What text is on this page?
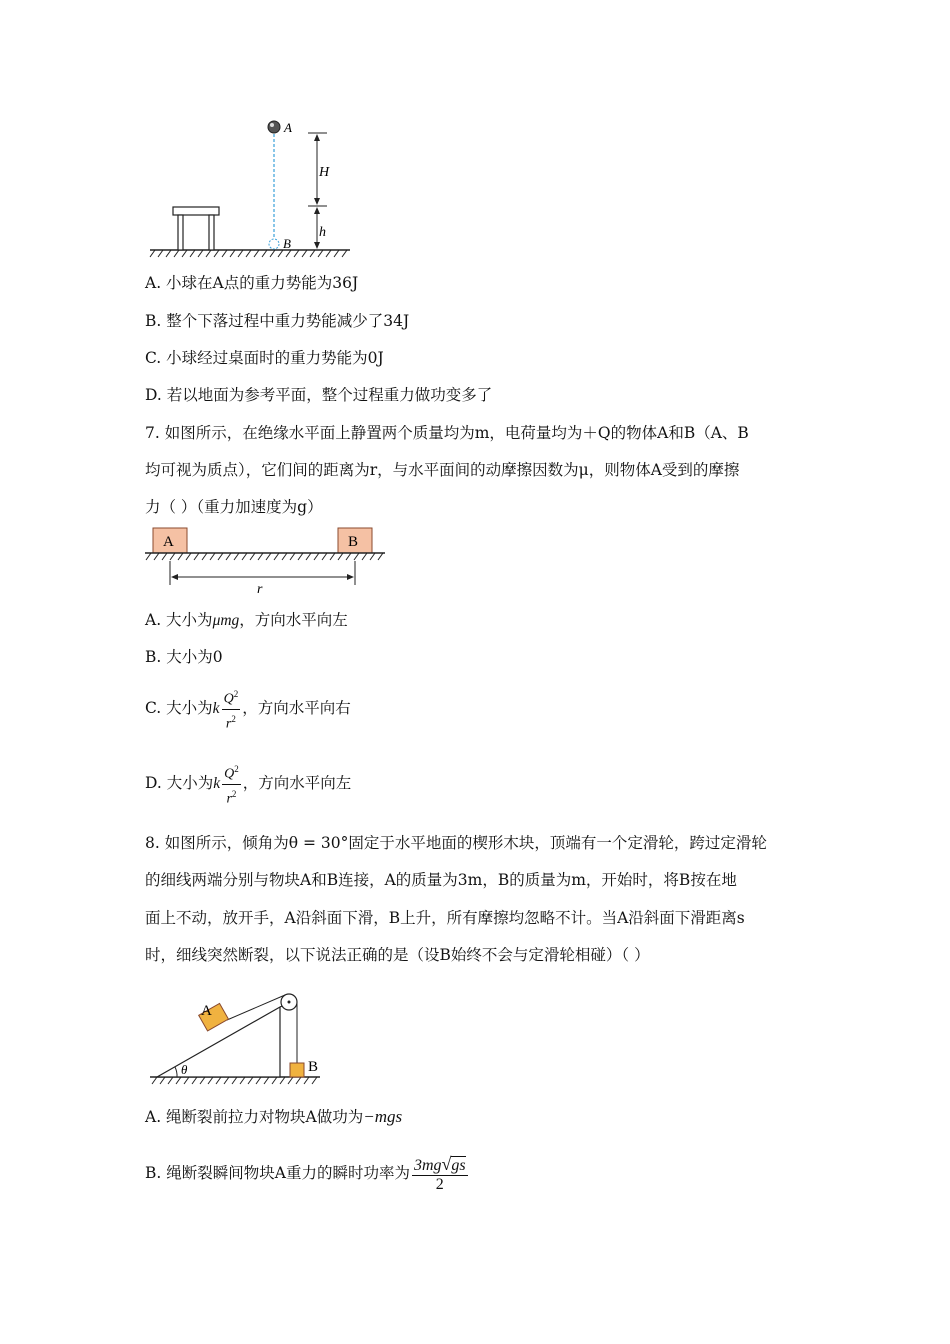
A
B
H
h
A. 小球在A点的重力势能为36J
B. 整个下落过程中重力势能减少了34J
C. 小球经过桌面时的重力势能为0J
D. 若以地面为参考平面，整个过程重力做功变多了
7. 如图所示，在绝缘水平面上静置两个质量均为m，电荷量均为＋Q的物体A和B（A、B
均可视为质点），它们间的距离为r，与水平面间的动摩擦因数为μ，则物体A受到的摩擦
力（ ）（重力加速度为g）
A	B
r
A. 大小为μmg，方向水平向左
B. 大小为0
C. 大小为k $\frac{Q^2}{r^2}$ ，方向水平向右
D. 大小为k $\frac{Q^2}{r^2}$ ，方向水平向左
8. 如图所示，倾角为θ = 30°固定于水平地面的楔形木块，顶端有一个定滑轮，跨过定滑轮
的细线两端分别与物块A和B连接，A的质量为3m，B的质量为m，开始时，将B按在地
面上不动，放开手，A沿斜面下滑，B上升，所有摩擦均忽略不计。当A沿斜面下滑距离s
时，细线突然断裂，以下说法正确的是（设B始终不会与定滑轮相碰）（ ）
A
B
θ
A. 绳断裂前拉力对物块A做功为−mgs
B. 绳断裂瞬间物块A重力的瞬时功率为 $\frac{3mg√gs}{2}$
